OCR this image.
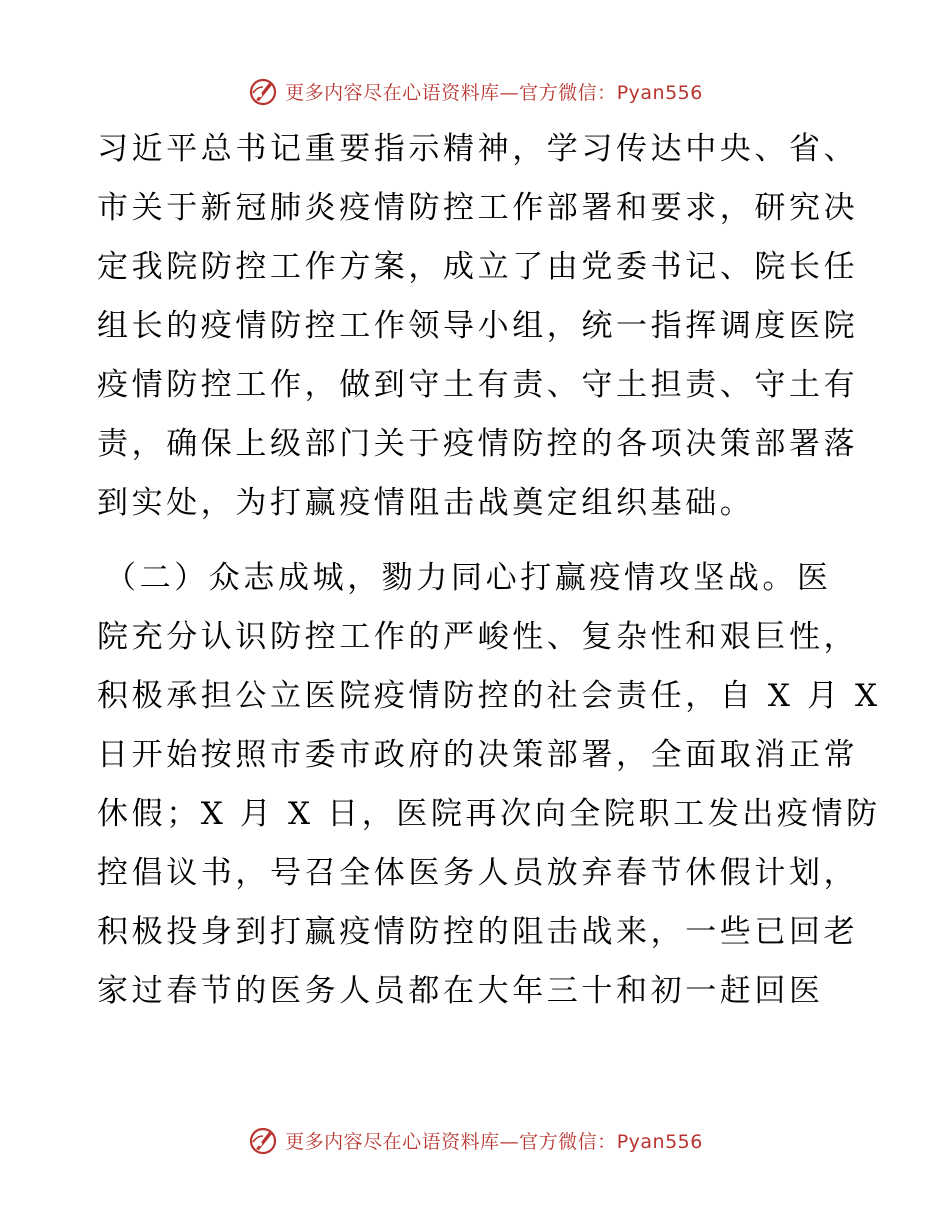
更多内容尽在心语资料库—官方微信：Pyan556
习近平总书记重要指示精神，学习传达中央、省、
市关于新冠肺炎疫情防控工作部署和要求，研究决
定我院防控工作方案，成立了由党委书记、院长任
组长的疫情防控工作领导小组，统一指挥调度医院
疫情防控工作，做到守土有责、守土担责、守土有
责，确保上级部门关于疫情防控的各项决策部署落
到实处，为打赢疫情阻击战奠定组织基础。
（二）众志成城，勠力同心打赢疫情攻坚战。医
院充分认识防控工作的严峻性、复杂性和艰巨性，
积极承担公立医院疫情防控的社会责任，自 X 月 X
日开始按照市委市政府的决策部署，全面取消正常
休假；X 月 X 日，医院再次向全院职工发出疫情防
控倡议书，号召全体医务人员放弃春节休假计划，
积极投身到打赢疫情防控的阻击战来，一些已回老
家过春节的医务人员都在大年三十和初一赶回医
更多内容尽在心语资料库—官方微信：Pyan556
